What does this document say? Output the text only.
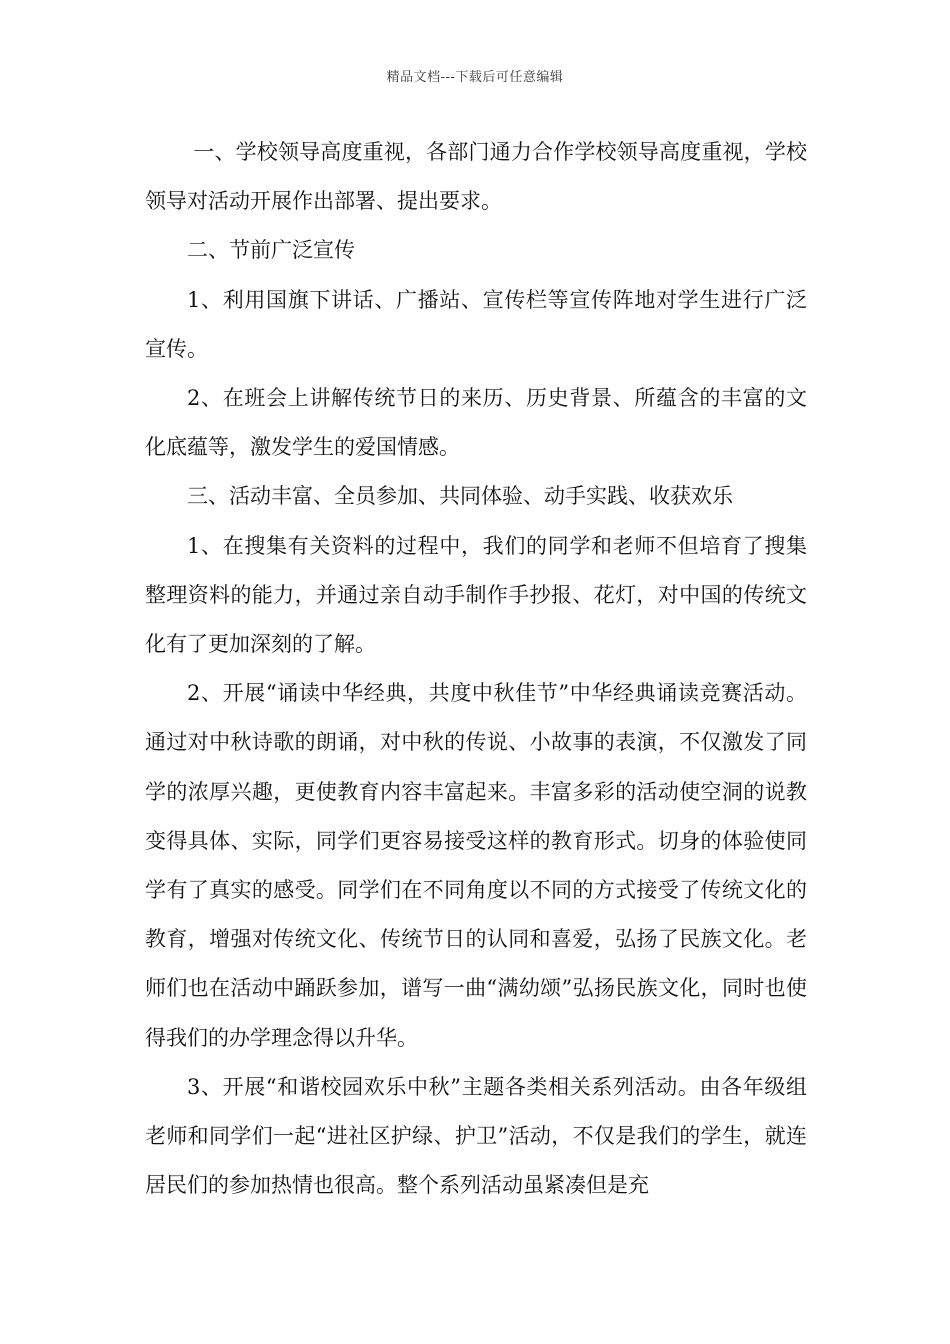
精品文档---下载后可任意编辑

一、学校领导高度重视，各部门通力合作学校领导高度重视，学校领导对活动开展作出部署、提出要求。

二、节前广泛宣传

1、利用国旗下讲话、广播站、宣传栏等宣传阵地对学生进行广泛宣传。

2、在班会上讲解传统节日的来历、历史背景、所蕴含的丰富的文化底蕴等，激发学生的爱国情感。

三、活动丰富、全员参加、共同体验、动手实践、收获欢乐

1、在搜集有关资料的过程中，我们的同学和老师不但培育了搜集整理资料的能力，并通过亲自动手制作手抄报、花灯，对中国的传统文化有了更加深刻的了解。

2、开展“诵读中华经典，共度中秋佳节”中华经典诵读竞赛活动。通过对中秋诗歌的朗诵，对中秋的传说、小故事的表演，不仅激发了同学的浓厚兴趣，更使教育内容丰富起来。丰富多彩的活动使空洞的说教变得具体、实际，同学们更容易接受这样的教育形式。切身的体验使同学有了真实的感受。同学们在不同角度以不同的方式接受了传统文化的教育，增强对传统文化、传统节日的认同和喜爱，弘扬了民族文化。老师们也在活动中踊跃参加，谱写一曲“满幼颂”弘扬民族文化，同时也使得我们的办学理念得以升华。

3、开展“和谐校园欢乐中秋”主题各类相关系列活动。由各年级组老师和同学们一起“进社区护绿、护卫”活动，不仅是我们的学生，就连居民们的参加热情也很高。整个系列活动虽紧凑但是充
